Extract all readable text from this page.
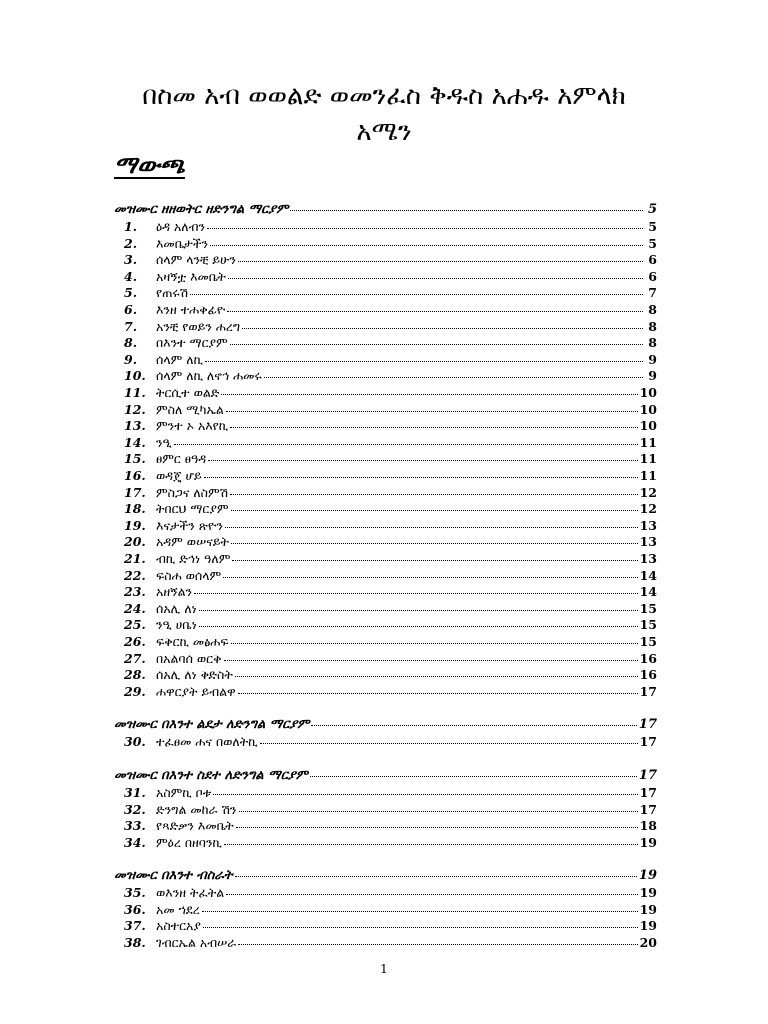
በስመ አብ ወወልድ ወመንፈስ ቅዱስ አሐዱ አምላክ
አሜን
ማውጫ
መዝሙር ዘዘወትር ዘድንግል ማርያም	5
1.	ዕዳ አለብን	5
2.	እመቤታችን	5
3.	ሰላም ላንቺ ይሁን	6
4.	አዛኝቷ እመቤት	6
5.	የጠሩሽ	7
6.	እንዘ ተሐቅፊዮ	8
7.	አንቺ የወይን ሐረግ	8
8.	በእንተ ማርያም	8
9.	ሰላም ለኪ	9
10. ሰላም ለኪ ለኖኅ ሐመሩ	9
11. ትርሲተ ወልድ	10
12. ምስለ ሚካኤል	10
13. ምንተ ኦ አእየኪ	10
14. ንዒ	11
15. ፀምር ፀዓዳ	11
16. ወዳጄ ሆይ	11
17. ምስጋና ለስምሽ	12
18. ትበርህ ማርያም	12
19. እናታችን ጽዮን	13
20. አዳም ወሠናይት	13
21. ብኪ ድኅነ ዓለም	13
22. ፍስሐ ወሰላም	14
23. አዘኝልን	14
24. ሰአሊ ለነ	15
25. ንዒ ሀቤነ	15
26. ፍቅርኪ መፅሐፍ	15
27. በአልባሰ ወርቅ	16
28. ሰአሊ ለነ ቅድስት	16
29. ሐዋርያት ይብልዋ	17
መዝሙር በእንተ ልደታ ለድንግል ማርያም	17
30. ተፈፀመ ሐና በወለትኪ	17
መዝሙር በእንተ ስደተ ለድንግል ማርያም	17
31. አስምኪ ቦቱ	17
32. ድንግል መከራ ሽን	17
33. የጻድቃን እመቤት	18
34. ምዕረ በዘባንኪ	19
መዝሙር በእንተ ብስራት	19
35. ወእንዘ ትፈትል	19
36. አመ ኀደረ	19
37. አስተርአያ	19
38. ገብርኤል አብሠራ	20
1
